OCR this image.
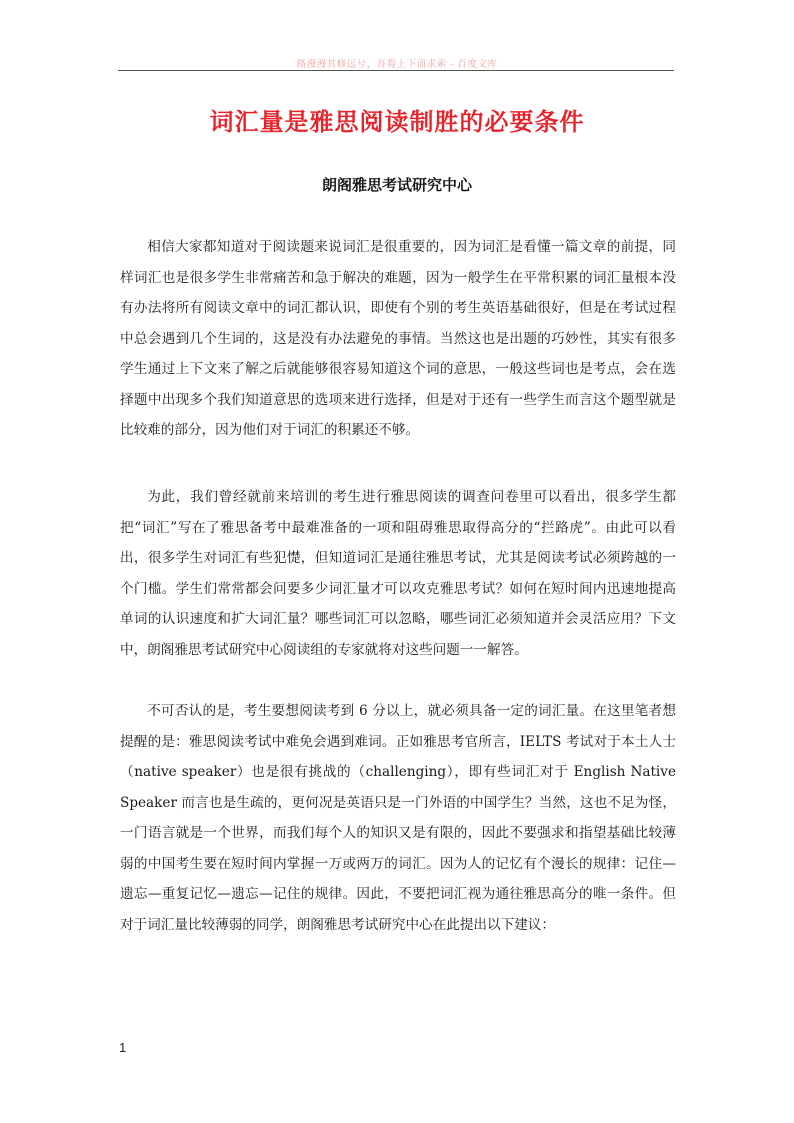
路漫漫其修远兮，吾将上下而求索 - 百度文库
词汇量是雅思阅读制胜的必要条件
朗阁雅思考试研究中心

相信大家都知道对于阅读题来说词汇是很重要的，因为词汇是看懂一篇文章的前提，同样词汇也是很多学生非常痛苦和急于解决的难题，因为一般学生在平常积累的词汇量根本没有办法将所有阅读文章中的词汇都认识，即使有个别的考生英语基础很好，但是在考试过程中总会遇到几个生词的，这是没有办法避免的事情。当然这也是出题的巧妙性，其实有很多学生通过上下文来了解之后就能够很容易知道这个词的意思，一般这些词也是考点，会在选择题中出现多个我们知道意思的选项来进行选择，但是对于还有一些学生而言这个题型就是比较难的部分，因为他们对于词汇的积累还不够。

为此，我们曾经就前来培训的考生进行雅思阅读的调查问卷里可以看出，很多学生都把“词汇”写在了雅思备考中最难准备的一项和阻碍雅思取得高分的“拦路虎”。由此可以看出，很多学生对词汇有些犯憷，但知道词汇是通往雅思考试，尤其是阅读考试必须跨越的一个门槛。学生们常常都会问要多少词汇量才可以攻克雅思考试？如何在短时间内迅速地提高单词的认识速度和扩大词汇量？哪些词汇可以忽略，哪些词汇必须知道并会灵活应用？下文中，朗阁雅思考试研究中心阅读组的专家就将对这些问题一一解答。

不可否认的是，考生要想阅读考到 6 分以上，就必须具备一定的词汇量。在这里笔者想提醒的是：雅思阅读考试中难免会遇到难词。正如雅思考官所言，IELTS 考试对于本土人士（native speaker）也是很有挑战的（challenging），即有些词汇对于 English Native Speaker 而言也是生疏的，更何况是英语只是一门外语的中国学生？当然，这也不足为怪，一门语言就是一个世界，而我们每个人的知识又是有限的，因此不要强求和指望基础比较薄弱的中国考生要在短时间内掌握一万或两万的词汇。因为人的记忆有个漫长的规律：记住—遗忘—重复记忆—遗忘—记住的规律。因此，不要把词汇视为通往雅思高分的唯一条件。但对于词汇量比较薄弱的同学，朗阁雅思考试研究中心在此提出以下建议：

1
